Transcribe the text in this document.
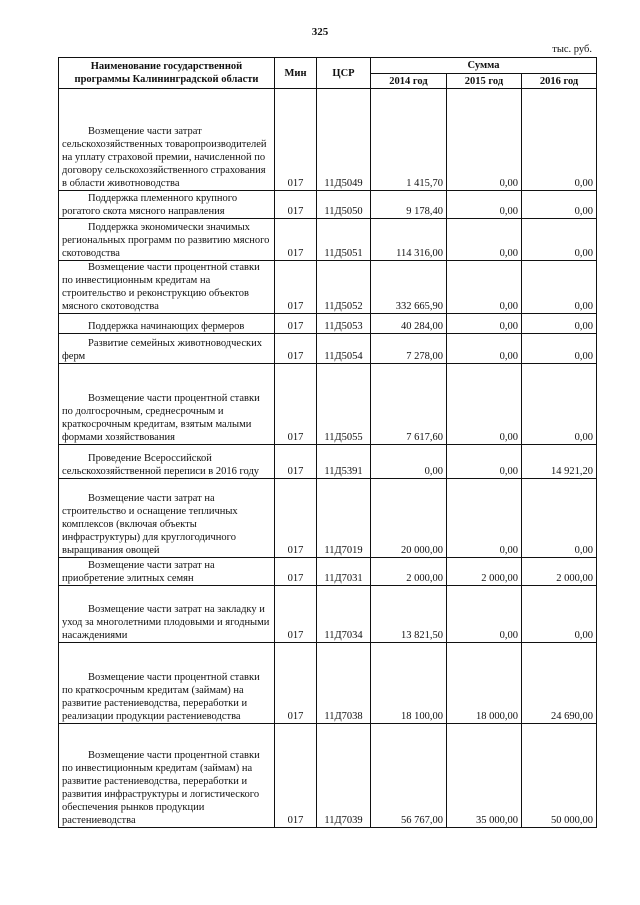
325
тыс. руб.
Наименование государственной программы Калининградской области	Мин	ЦСР	Сумма		
			2014 год	2015 год	2016 год
Возмещение части затрат сельскохозяйственных товаропроизводителей на уплату страховой премии, начисленной по договору сельскохозяйственного страхования в области животноводства	017	11Д5049	1 415,70	0,00	0,00
Поддержка племенного крупного рогатого скота мясного направления	017	11Д5050	9 178,40	0,00	0,00
Поддержка экономически значимых региональных программ по развитию мясного скотоводства	017	11Д5051	114 316,00	0,00	0,00
Возмещение части процентной ставки по инвестиционным кредитам на строительство и реконструкцию объектов мясного скотоводства	017	11Д5052	332 665,90	0,00	0,00
Поддержка начинающих фермеров	017	11Д5053	40 284,00	0,00	0,00
Развитие семейных животноводческих ферм	017	11Д5054	7 278,00	0,00	0,00
Возмещение части процентной ставки по долгосрочным, среднесрочным и краткосрочным кредитам, взятым малыми формами хозяйствования	017	11Д5055	7 617,60	0,00	0,00
Проведение Всероссийской сельскохозяйственной переписи в 2016 году	017	11Д5391	0,00	0,00	14 921,20
Возмещение части затрат на строительство и оснащение тепличных комплексов (включая объекты инфраструктуры) для круглогодичного выращивания овощей	017	11Д7019	20 000,00	0,00	0,00
Возмещение части затрат на приобретение элитных семян	017	11Д7031	2 000,00	2 000,00	2 000,00
Возмещение части затрат на закладку и уход за многолетними плодовыми и ягодными насаждениями	017	11Д7034	13 821,50	0,00	0,00
Возмещение части процентной ставки по краткосрочным кредитам (займам) на развитие растениеводства, переработки и реализации продукции растениеводства	017	11Д7038	18 100,00	18 000,00	24 690,00
Возмещение части процентной ставки по инвестиционным кредитам (займам) на развитие растениеводства, переработки и развития инфраструктуры и логистического обеспечения рынков продукции растениеводства	017	11Д7039	56 767,00	35 000,00	50 000,00
